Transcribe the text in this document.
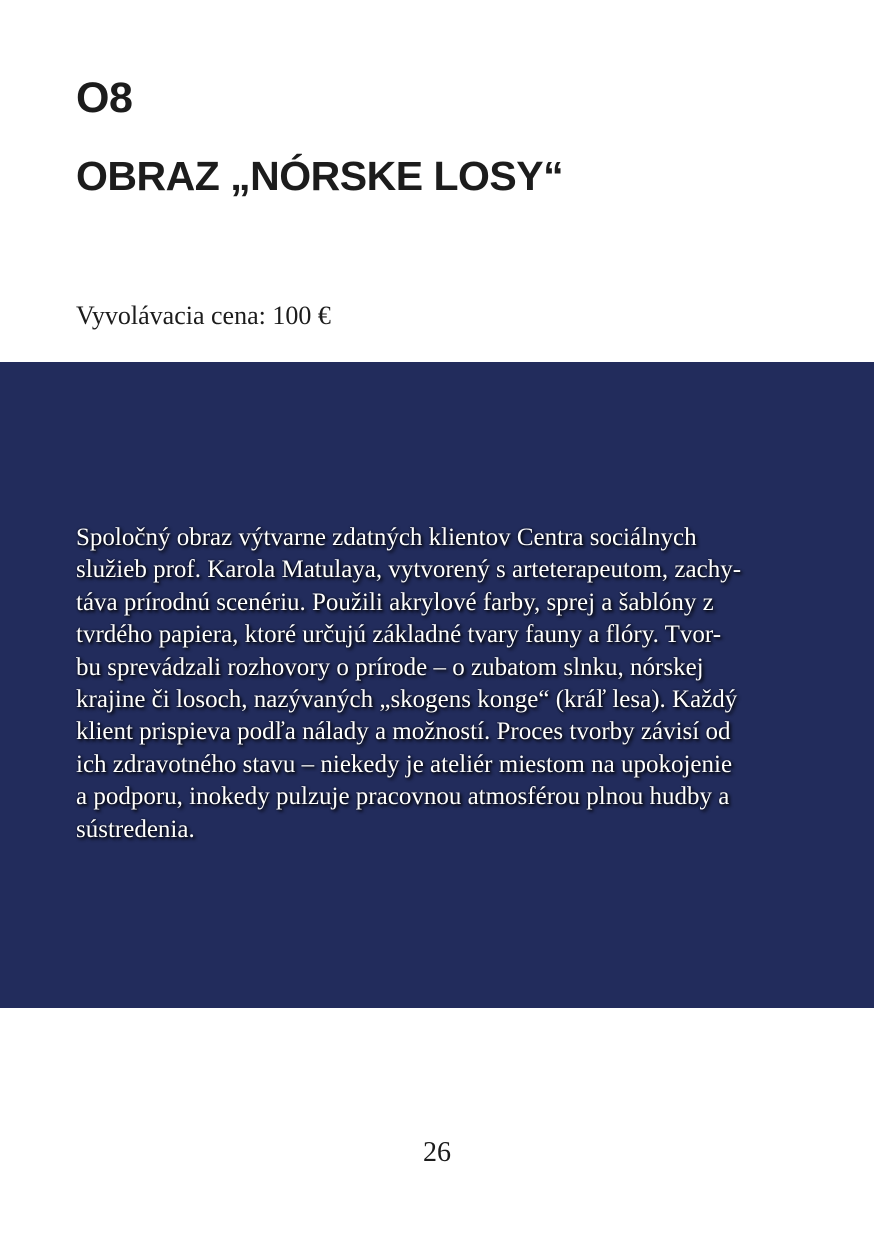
O8
OBRAZ „NÓRSKE LOSY“

Vyvolávacia cena: 100 €

Spoločný obraz výtvarne zdatných klientov Centra sociálnych
služieb prof. Karola Matulaya, vytvorený s arteterapeutom, zachy-
táva prírodnú scenériu. Použili akrylové farby, sprej a šablóny z
tvrdého papiera, ktoré určujú základné tvary fauny a flóry. Tvor-
bu sprevádzali rozhovory o prírode – o zubatom slnku, nórskej
krajine či losoch, nazývaných „skogens konge“ (kráľ lesa). Každý
klient prispieva podľa nálady a možností. Proces tvorby závisí od
ich zdravotného stavu – niekedy je ateliér miestom na upokojenie
a podporu, inokedy pulzuje pracovnou atmosférou plnou hudby a
sústredenia.

26
